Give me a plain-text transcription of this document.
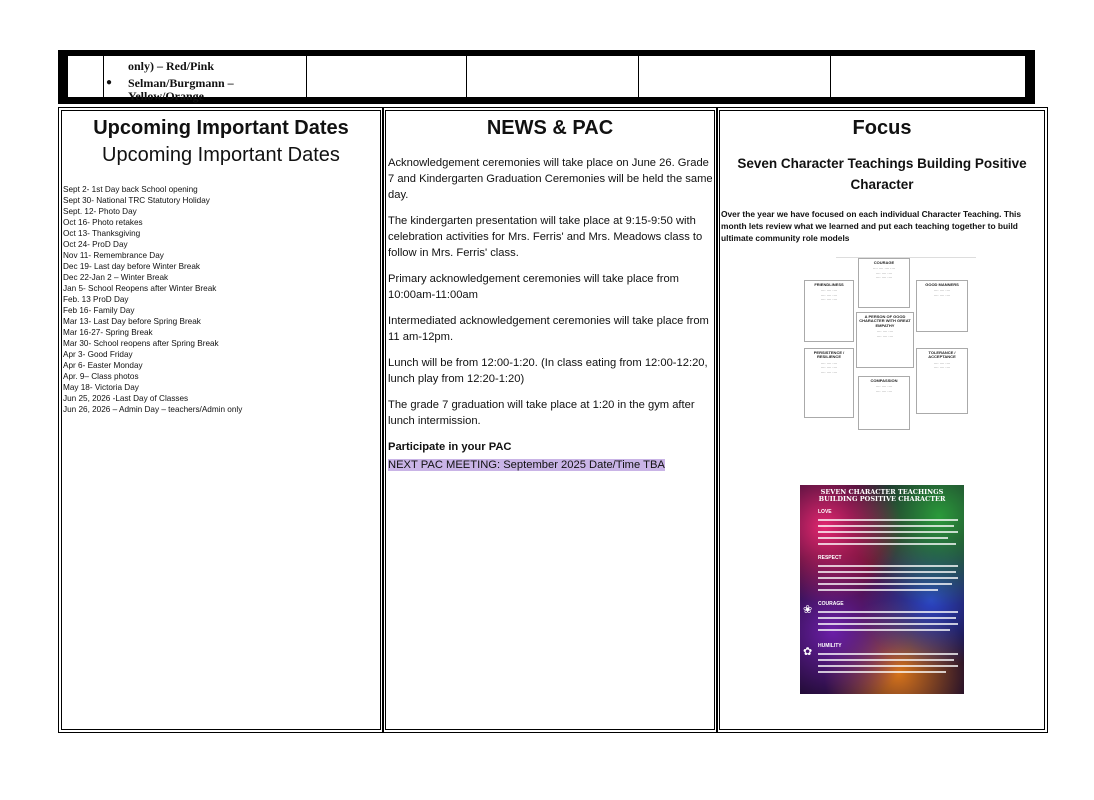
only) – Red/Pink
Selman/Burgmann –
Yellow/Orange
●
Upcoming Important Dates
Upcoming Important Dates
Sept 2- 1st Day back School opening
Sept 30- National TRC Statutory Holiday
Sept. 12- Photo Day
Oct 16- Photo retakes
Oct 13- Thanksgiving
Oct 24- ProD Day
Nov 11- Remembrance Day
Dec 19- Last day before Winter Break
Dec 22-Jan 2 – Winter Break
Jan 5- School Reopens after Winter Break
Feb. 13 ProD Day
Feb 16- Family Day
Mar 13- Last Day before Spring Break
Mar 16-27- Spring Break
Mar 30- School reopens after Spring Break
Apr 3- Good Friday
Apr 6- Easter Monday
Apr. 9– Class photos
May 18- Victoria Day
Jun 25, 2026 -Last Day of Classes
Jun 26, 2026 – Admin Day – teachers/Admin only
NEWS & PAC

Acknowledgement ceremonies will take place on June 26. Grade 7 and Kindergarten Graduation Ceremonies will be held the same day.

The kindergarten presentation will take place at 9:15-9:50 with celebration activities for Mrs. Ferris' and Mrs. Meadows class to follow in Mrs. Ferris' class.

Primary acknowledgement ceremonies will take place from 10:00am-11:00am

Intermediated acknowledgement ceremonies will take place from 11 am-12pm.

Lunch will be from 12:00-1:20. (In class eating from 12:00-12:20, lunch play from 12:20-1:20)

The grade 7 graduation will take place at 1:20 in the gym after lunch intermission.

Participate in your PAC
NEXT PAC MEETING: September 2025 Date/Time TBA
Focus
Seven Character Teachings Building Positive Character
Over the year we have focused on each individual Character Teaching. This month lets review what we learned and put each teaching together to build ultimate community role models
COURAGE
···· ···· ···· ····
···· ···· ····
···· ···· ····
FRIENDLINESS
···· ···· ····
···· ···· ····
···· ···· ····
GOOD MANNERS
···· ···· ····
···· ···· ····
A PERSON OF GOOD CHARACTER WITH GREAT EMPATHY
···· ···· ····
···· ···· ····
PERSISTENCE / RESILIENCE
···· ···· ····
···· ···· ····
···· ···· ····
TOLERANCE / ACCEPTANCE
···· ···· ····
···· ···· ····
COMPASSION
···· ···· ····
···· ···· ····
SEVEN CHARACTER TEACHINGS
BUILDING POSITIVE CHARACTER
LOVE
RESPECT
COURAGE
❀
HUMILITY
✿
